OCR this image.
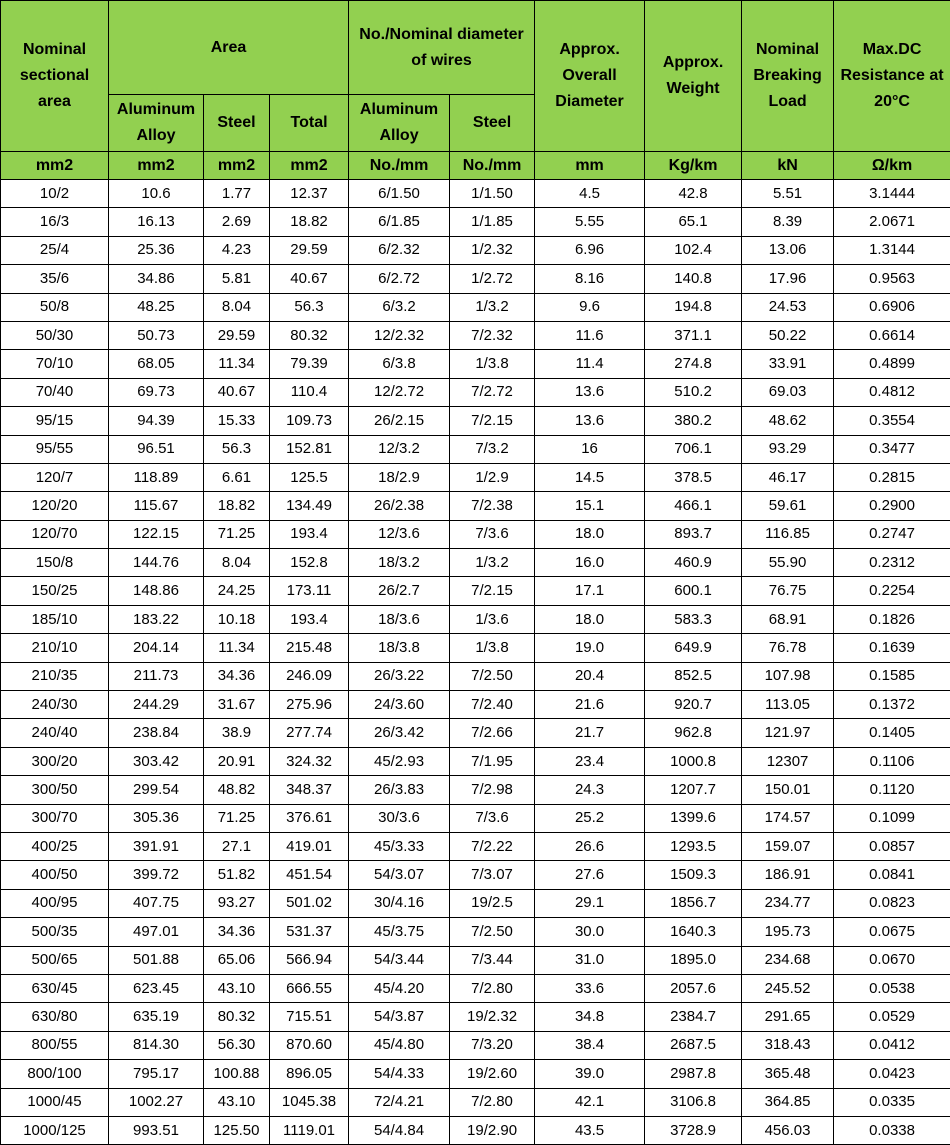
Nominal sectional area	Area			No./Nominal diameter of wires		Approx. Overall Diameter	Approx. Weight	Nominal Breaking Load	Max.DC Resistance at 20°C
	Aluminum Alloy	Steel	Total	Aluminum Alloy	Steel				
mm2	mm2	mm2	mm2	No./mm	No./mm	mm	Kg/km	kN	Ω/km
10/2	10.6	1.77	12.37	6/1.50	1/1.50	4.5	42.8	5.51	3.1444
16/3	16.13	2.69	18.82	6/1.85	1/1.85	5.55	65.1	8.39	2.0671
25/4	25.36	4.23	29.59	6/2.32	1/2.32	6.96	102.4	13.06	1.3144
35/6	34.86	5.81	40.67	6/2.72	1/2.72	8.16	140.8	17.96	0.9563
50/8	48.25	8.04	56.3	6/3.2	1/3.2	9.6	194.8	24.53	0.6906
50/30	50.73	29.59	80.32	12/2.32	7/2.32	11.6	371.1	50.22	0.6614
70/10	68.05	11.34	79.39	6/3.8	1/3.8	11.4	274.8	33.91	0.4899
70/40	69.73	40.67	110.4	12/2.72	7/2.72	13.6	510.2	69.03	0.4812
95/15	94.39	15.33	109.73	26/2.15	7/2.15	13.6	380.2	48.62	0.3554
95/55	96.51	56.3	152.81	12/3.2	7/3.2	16	706.1	93.29	0.3477
120/7	118.89	6.61	125.5	18/2.9	1/2.9	14.5	378.5	46.17	0.2815
120/20	115.67	18.82	134.49	26/2.38	7/2.38	15.1	466.1	59.61	0.2900
120/70	122.15	71.25	193.4	12/3.6	7/3.6	18.0	893.7	116.85	0.2747
150/8	144.76	8.04	152.8	18/3.2	1/3.2	16.0	460.9	55.90	0.2312
150/25	148.86	24.25	173.11	26/2.7	7/2.15	17.1	600.1	76.75	0.2254
185/10	183.22	10.18	193.4	18/3.6	1/3.6	18.0	583.3	68.91	0.1826
210/10	204.14	11.34	215.48	18/3.8	1/3.8	19.0	649.9	76.78	0.1639
210/35	211.73	34.36	246.09	26/3.22	7/2.50	20.4	852.5	107.98	0.1585
240/30	244.29	31.67	275.96	24/3.60	7/2.40	21.6	920.7	113.05	0.1372
240/40	238.84	38.9	277.74	26/3.42	7/2.66	21.7	962.8	121.97	0.1405
300/20	303.42	20.91	324.32	45/2.93	7/1.95	23.4	1000.8	12307	0.1106
300/50	299.54	48.82	348.37	26/3.83	7/2.98	24.3	1207.7	150.01	0.1120
300/70	305.36	71.25	376.61	30/3.6	7/3.6	25.2	1399.6	174.57	0.1099
400/25	391.91	27.1	419.01	45/3.33	7/2.22	26.6	1293.5	159.07	0.0857
400/50	399.72	51.82	451.54	54/3.07	7/3.07	27.6	1509.3	186.91	0.0841
400/95	407.75	93.27	501.02	30/4.16	19/2.5	29.1	1856.7	234.77	0.0823
500/35	497.01	34.36	531.37	45/3.75	7/2.50	30.0	1640.3	195.73	0.0675
500/65	501.88	65.06	566.94	54/3.44	7/3.44	31.0	1895.0	234.68	0.0670
630/45	623.45	43.10	666.55	45/4.20	7/2.80	33.6	2057.6	245.52	0.0538
630/80	635.19	80.32	715.51	54/3.87	19/2.32	34.8	2384.7	291.65	0.0529
800/55	814.30	56.30	870.60	45/4.80	7/3.20	38.4	2687.5	318.43	0.0412
800/100	795.17	100.88	896.05	54/4.33	19/2.60	39.0	2987.8	365.48	0.0423
1000/45	1002.27	43.10	1045.38	72/4.21	7/2.80	42.1	3106.8	364.85	0.0335
1000/125	993.51	125.50	1119.01	54/4.84	19/2.90	43.5	3728.9	456.03	0.0338
